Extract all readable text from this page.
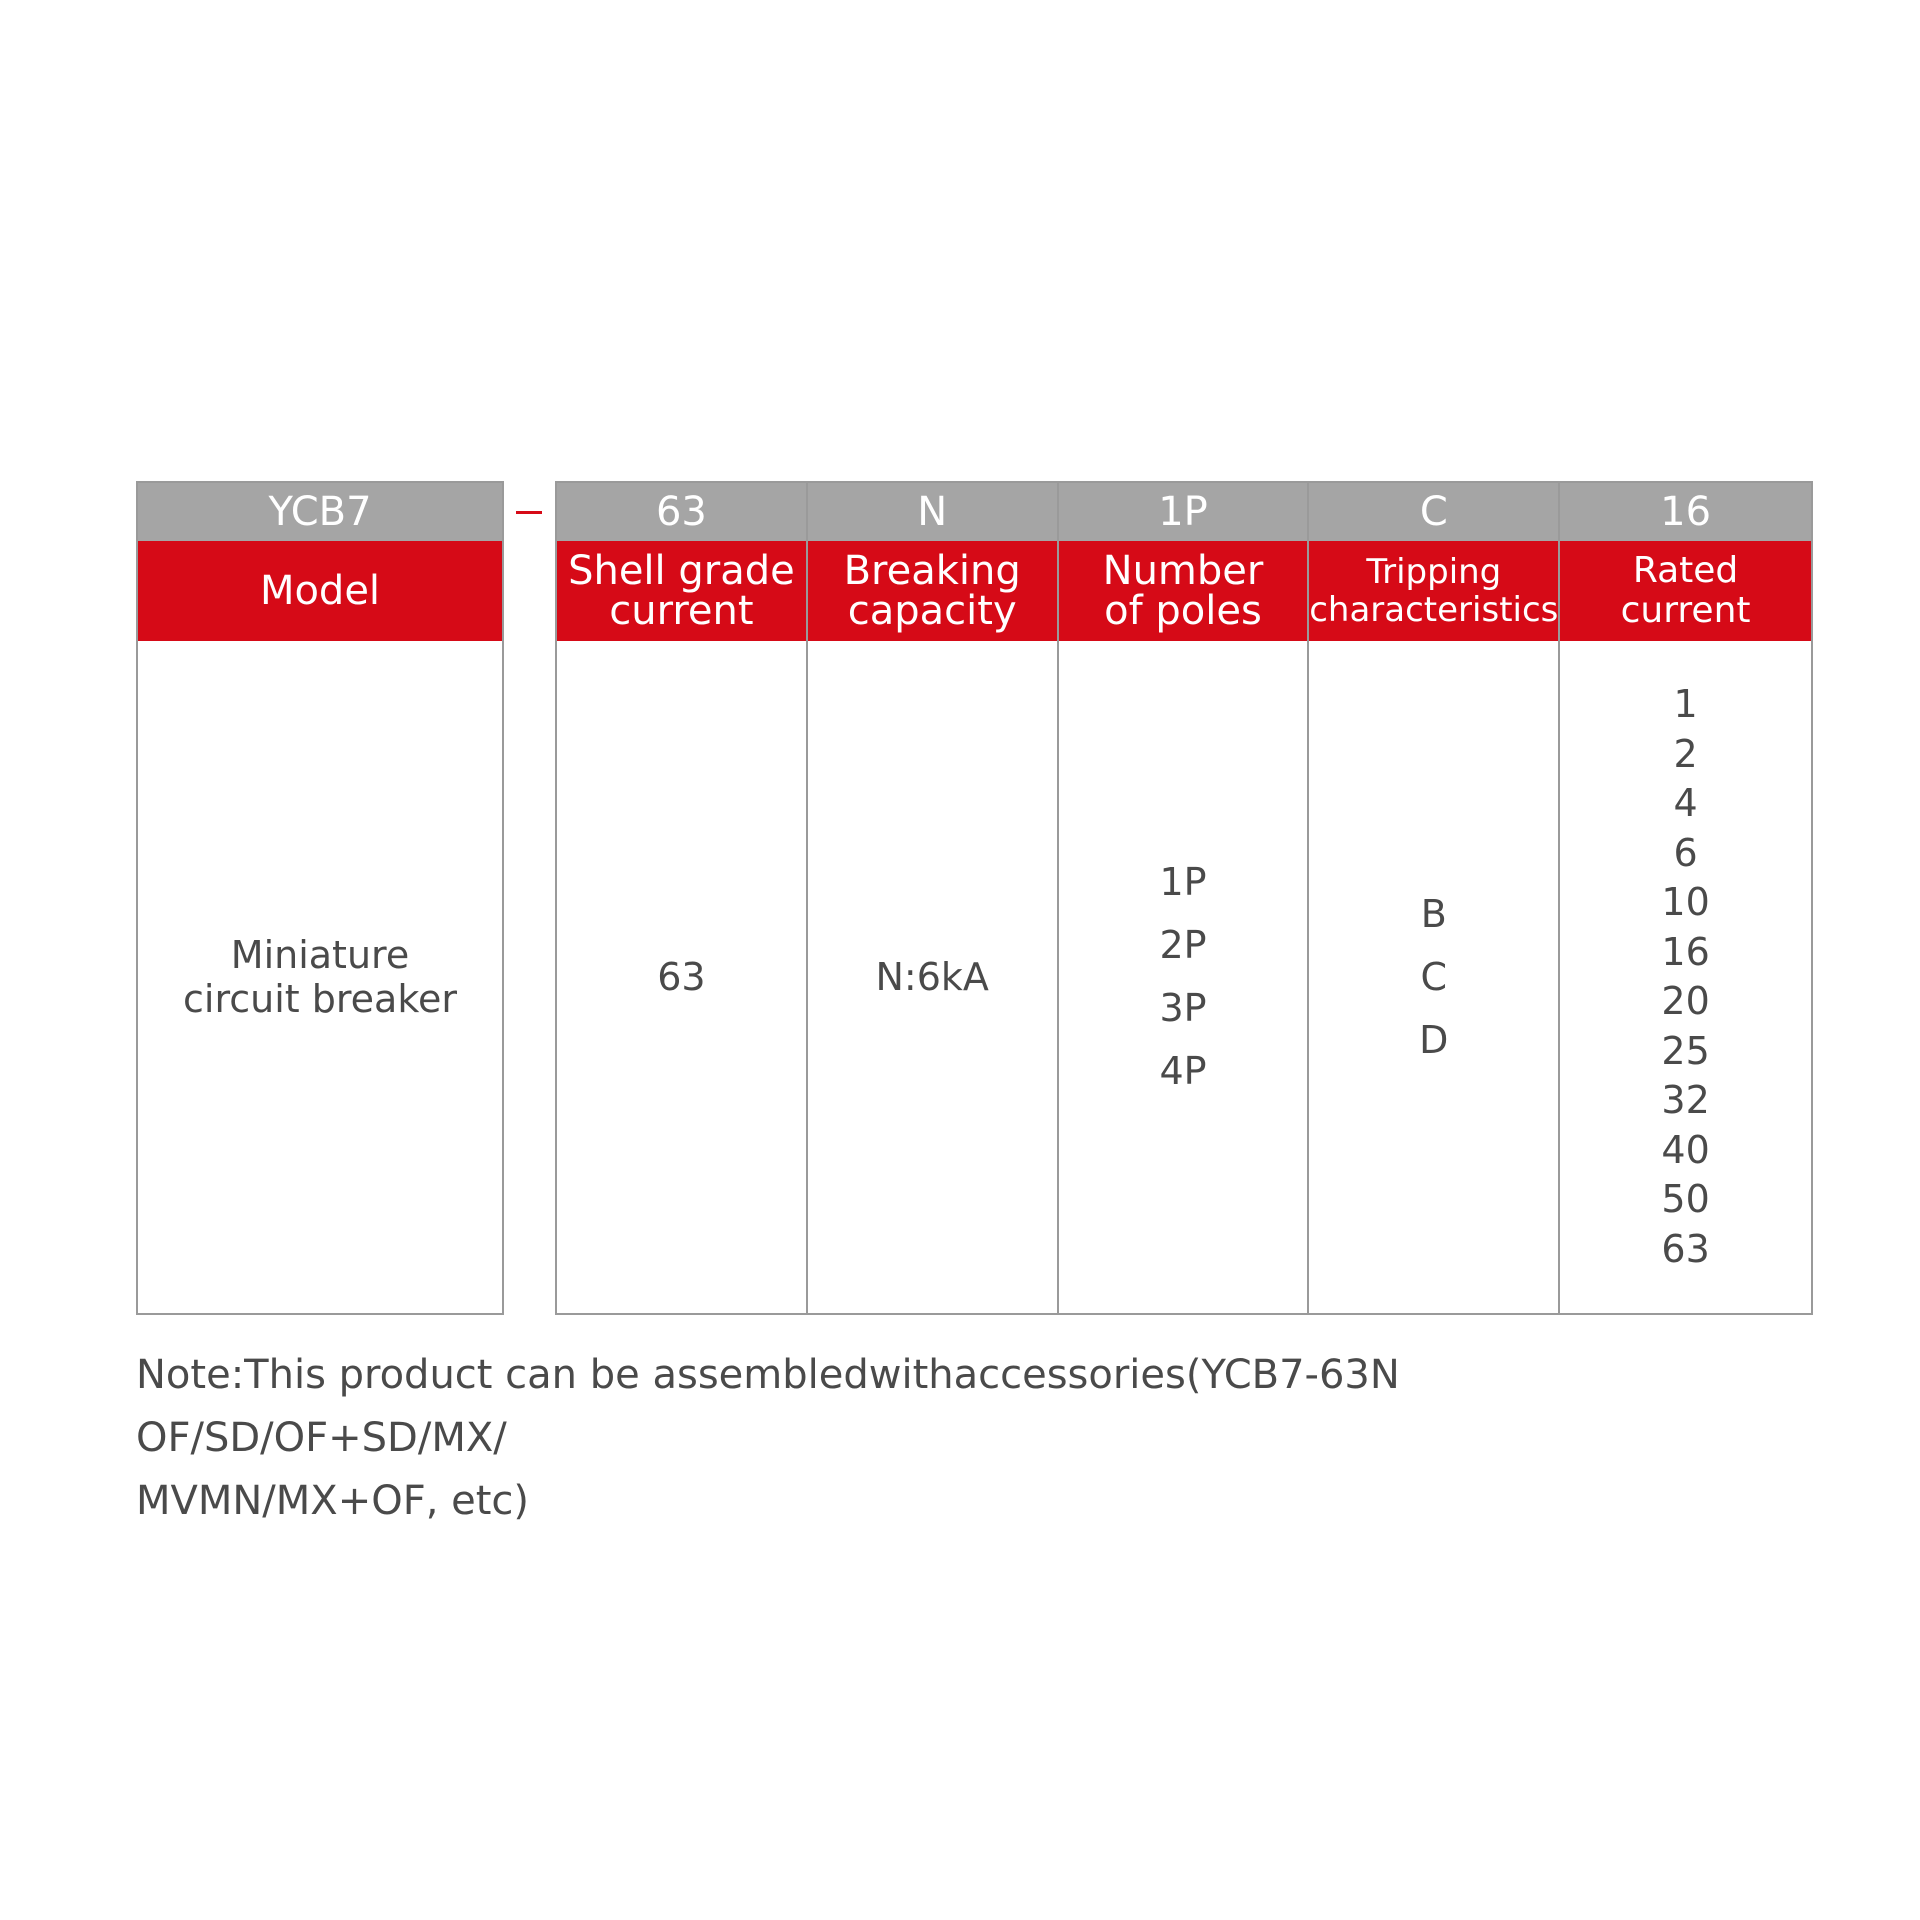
YCB7
Model
Miniature
circuit breaker
63
Shell grade
current
63
N
Breaking
capacity
N:6kA
1P
Number
of poles
1P
2P
3P
4P
C
Tripping
characteristics
B
C
D
16
Rated current
1
2
4
6
10
16
20
25
32
40
50
63
Note:This product can be assembledwithaccessories(YCB7-63NOF/SD/OF+SD/MX/
MVMN/MX+OF, etc)
